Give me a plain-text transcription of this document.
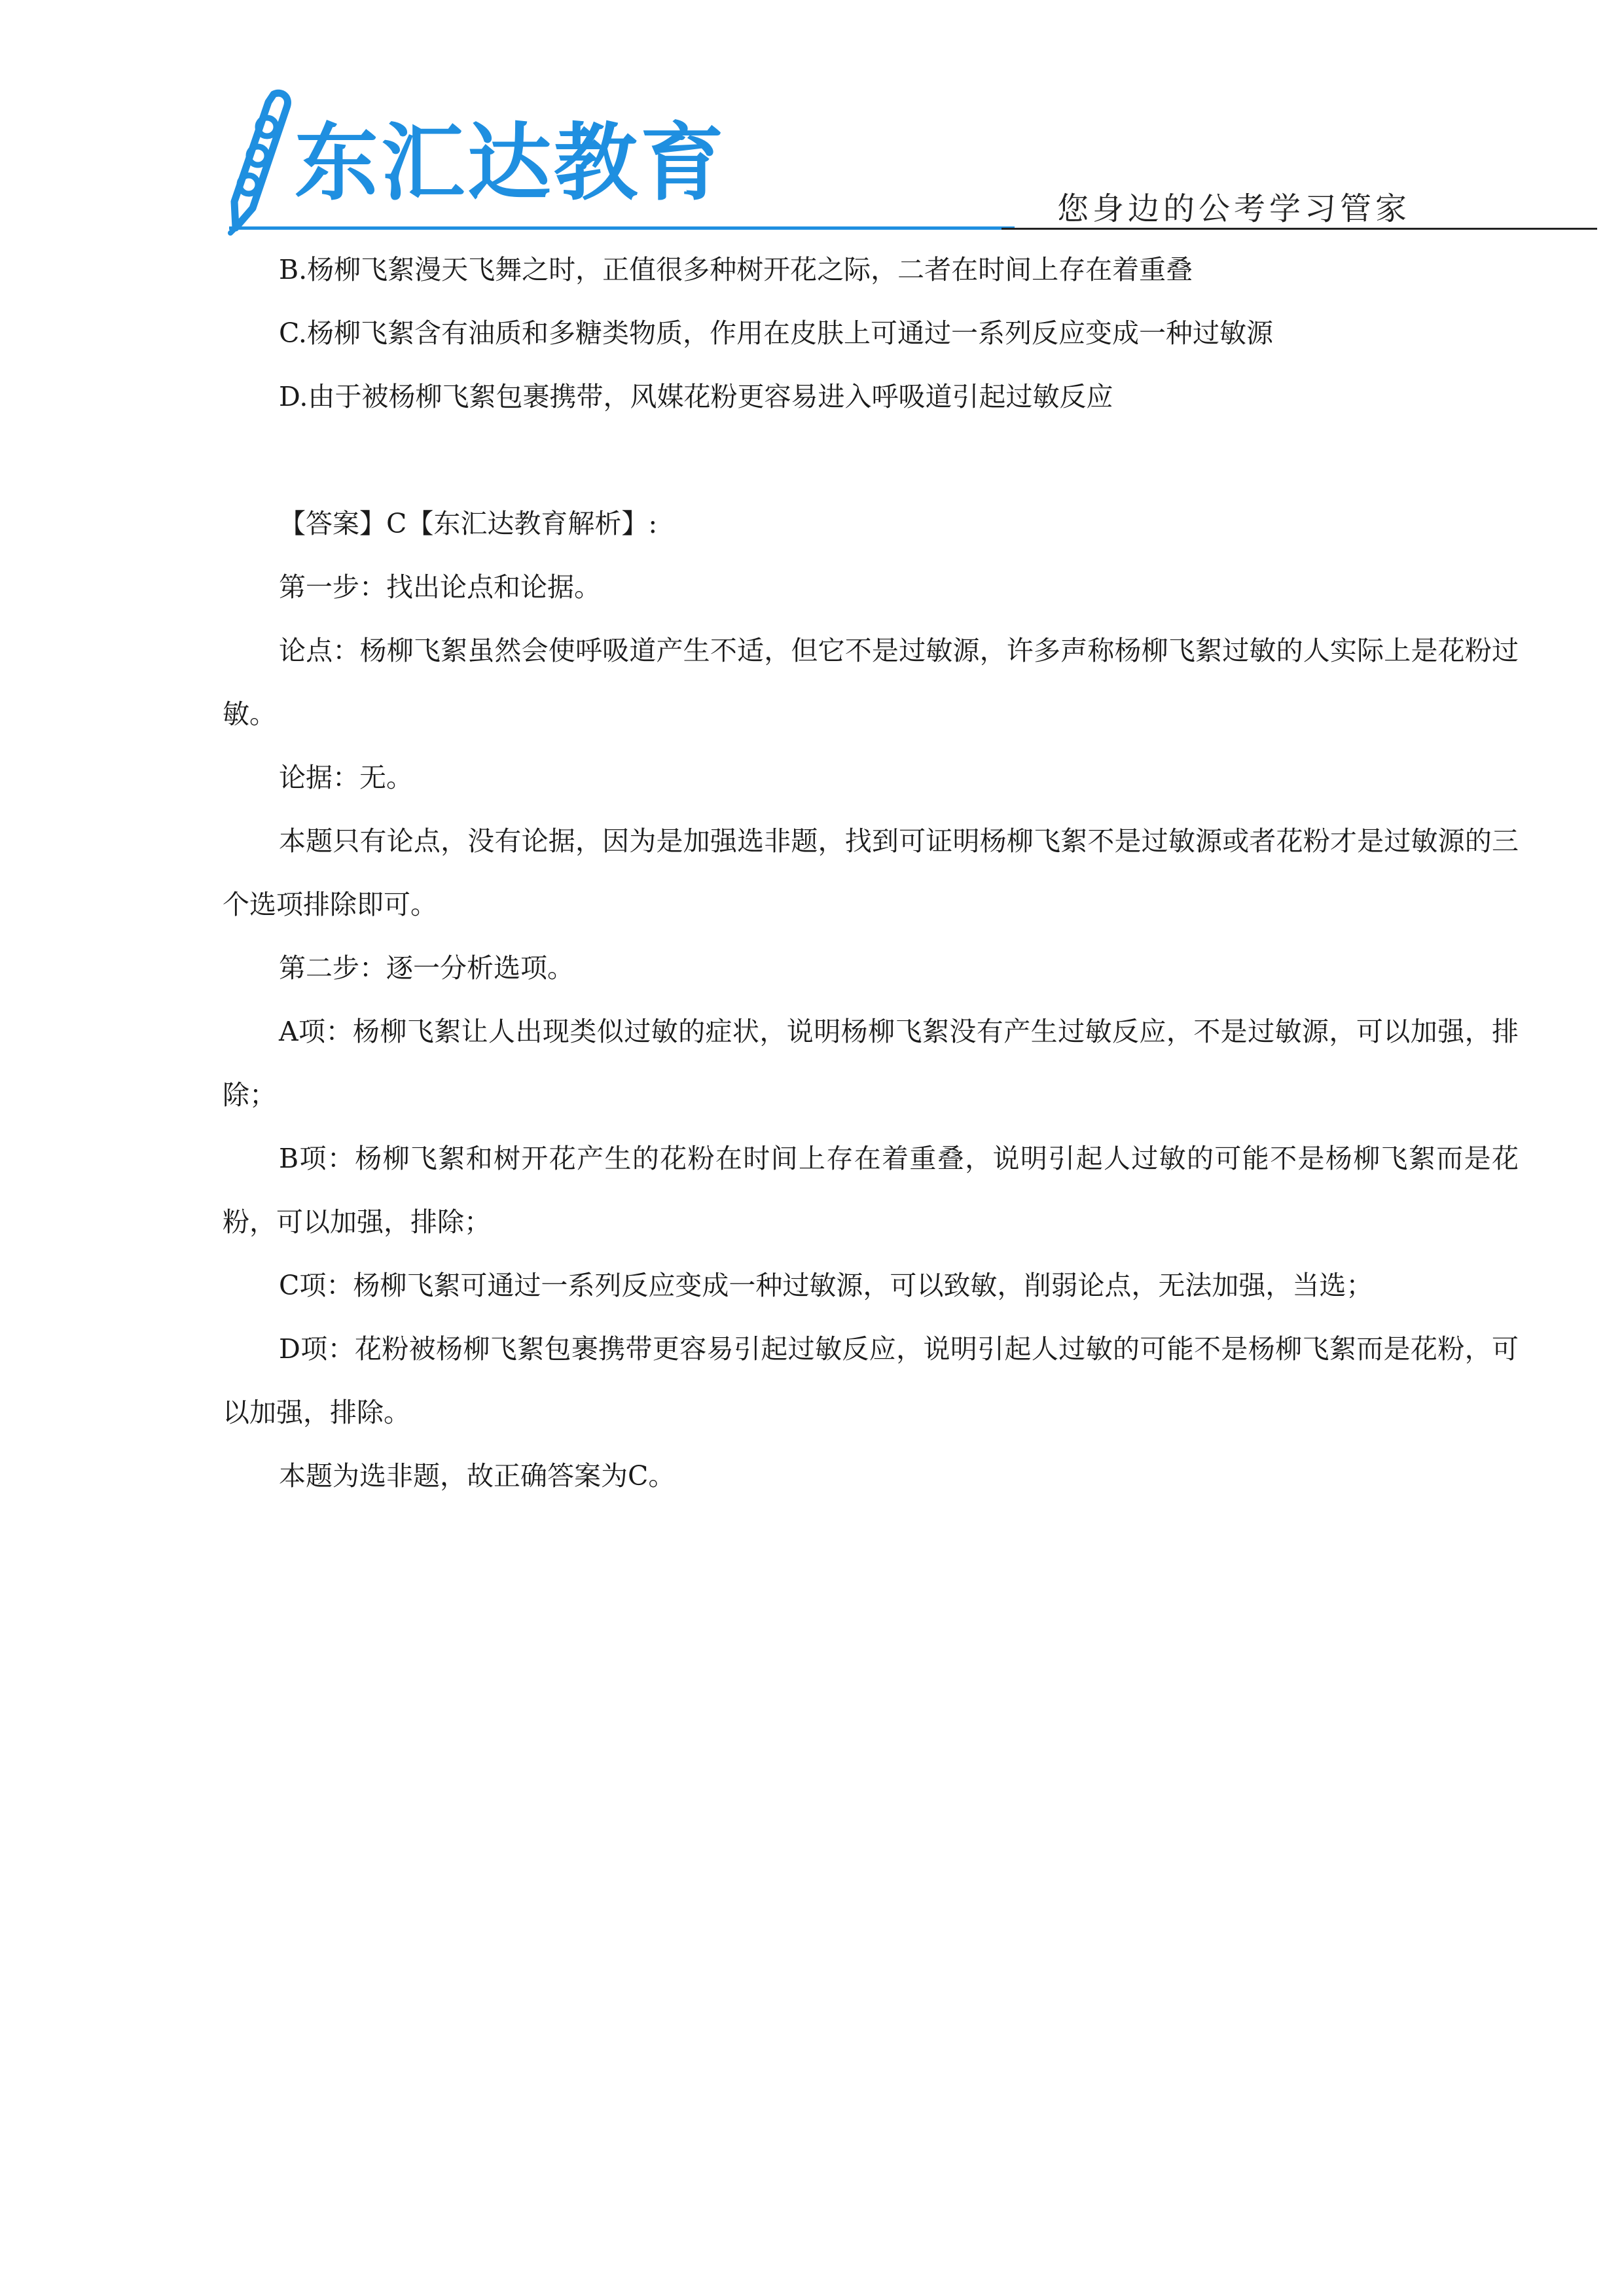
东汇达教育	您身边的公考学习管家

B.杨柳飞絮漫天飞舞之时，正值很多种树开花之际，二者在时间上存在着重叠

C.杨柳飞絮含有油质和多糖类物质，作用在皮肤上可通过一系列反应变成一种过敏源

D.由于被杨柳飞絮包裹携带，风媒花粉更容易进入呼吸道引起过敏反应

【答案】C【东汇达教育解析】:

第一步：找出论点和论据。

论点：杨柳飞絮虽然会使呼吸道产生不适，但它不是过敏源，许多声称杨柳飞絮过敏的人实际上是花粉过敏。

论据：无。

本题只有论点，没有论据，因为是加强选非题，找到可证明杨柳飞絮不是过敏源或者花粉才是过敏源的三个选项排除即可。

第二步：逐一分析选项。

A项：杨柳飞絮让人出现类似过敏的症状，说明杨柳飞絮没有产生过敏反应，不是过敏源，可以加强，排除；

B项：杨柳飞絮和树开花产生的花粉在时间上存在着重叠，说明引起人过敏的可能不是杨柳飞絮而是花粉，可以加强，排除；

C项：杨柳飞絮可通过一系列反应变成一种过敏源，可以致敏，削弱论点，无法加强，当选；

D项：花粉被杨柳飞絮包裹携带更容易引起过敏反应，说明引起人过敏的可能不是杨柳飞絮而是花粉，可以加强，排除。

本题为选非题，故正确答案为C。
